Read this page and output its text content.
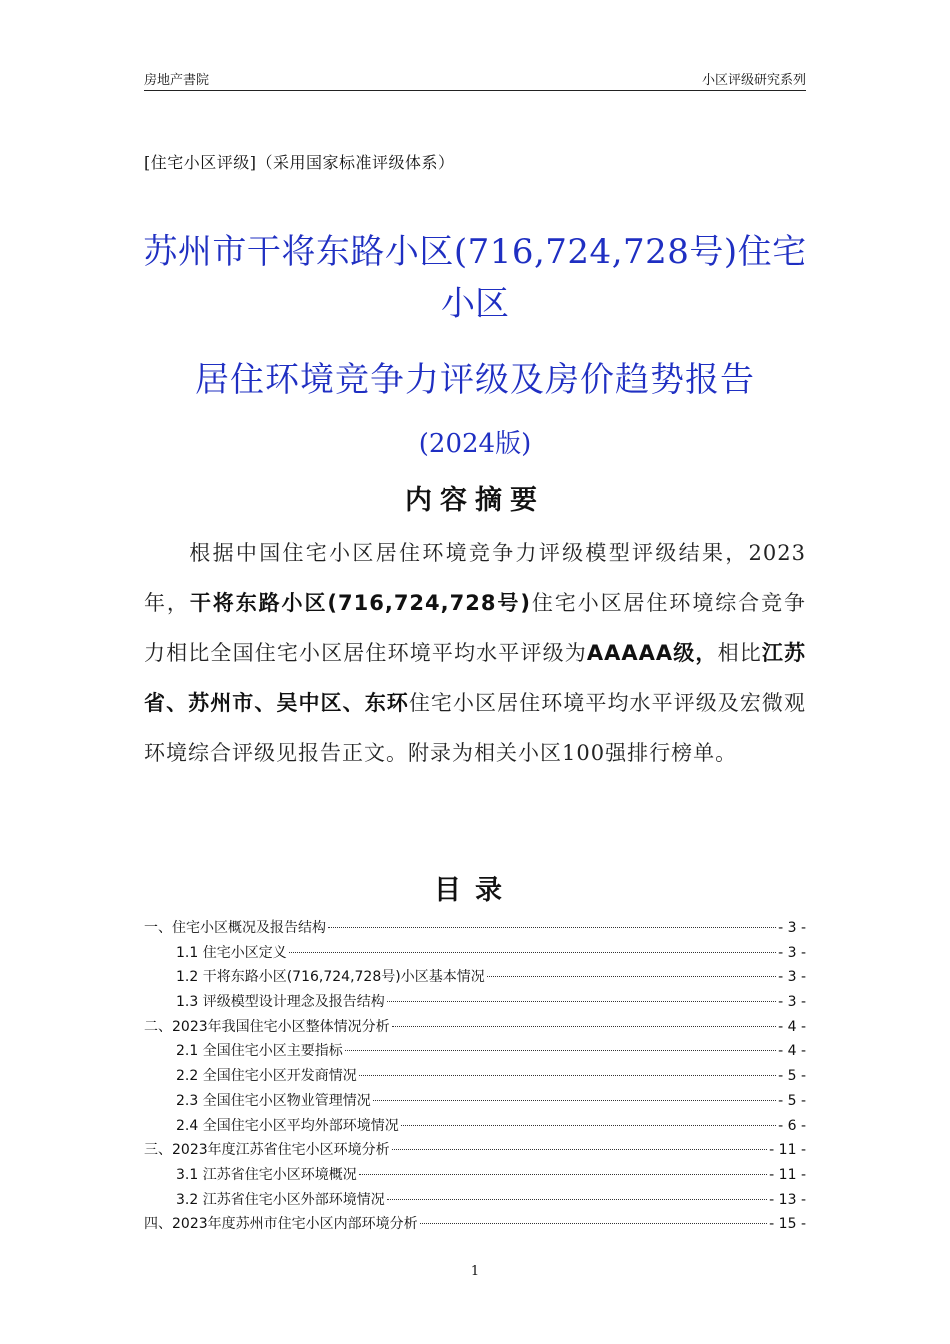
房地产書院	小区评级研究系列
[住宅小区评级]（采用国家标准评级体系）
苏州市干将东路小区(716,724,728号)住宅
小区
居住环境竞争力评级及房价趋势报告
(2024版)
内容摘要
根据中国住宅小区居住环境竞争力评级模型评级结果，2023年，干将东路小区(716,724,728号)住宅小区居住环境综合竞争力相比全国住宅小区居住环境平均水平评级为AAAAA级，相比江苏省、苏州市、吴中区、东环住宅小区居住环境平均水平评级及宏微观环境综合评级见报告正文。附录为相关小区100强排行榜单。
目录
一、住宅小区概况及报告结构	- 3 -
1.1 住宅小区定义	- 3 -
1.2 干将东路小区(716,724,728号)小区基本情况	- 3 -
1.3 评级模型设计理念及报告结构	- 3 -
二、2023年我国住宅小区整体情况分析	- 4 -
2.1 全国住宅小区主要指标	- 4 -
2.2 全国住宅小区开发商情况	- 5 -
2.3 全国住宅小区物业管理情况	- 5 -
2.4 全国住宅小区平均外部环境情况	- 6 -
三、2023年度江苏省住宅小区环境分析	- 11 -
3.1 江苏省住宅小区环境概况	- 11 -
3.2 江苏省住宅小区外部环境情况	- 13 -
四、2023年度苏州市住宅小区内部环境分析	- 15 -
1
